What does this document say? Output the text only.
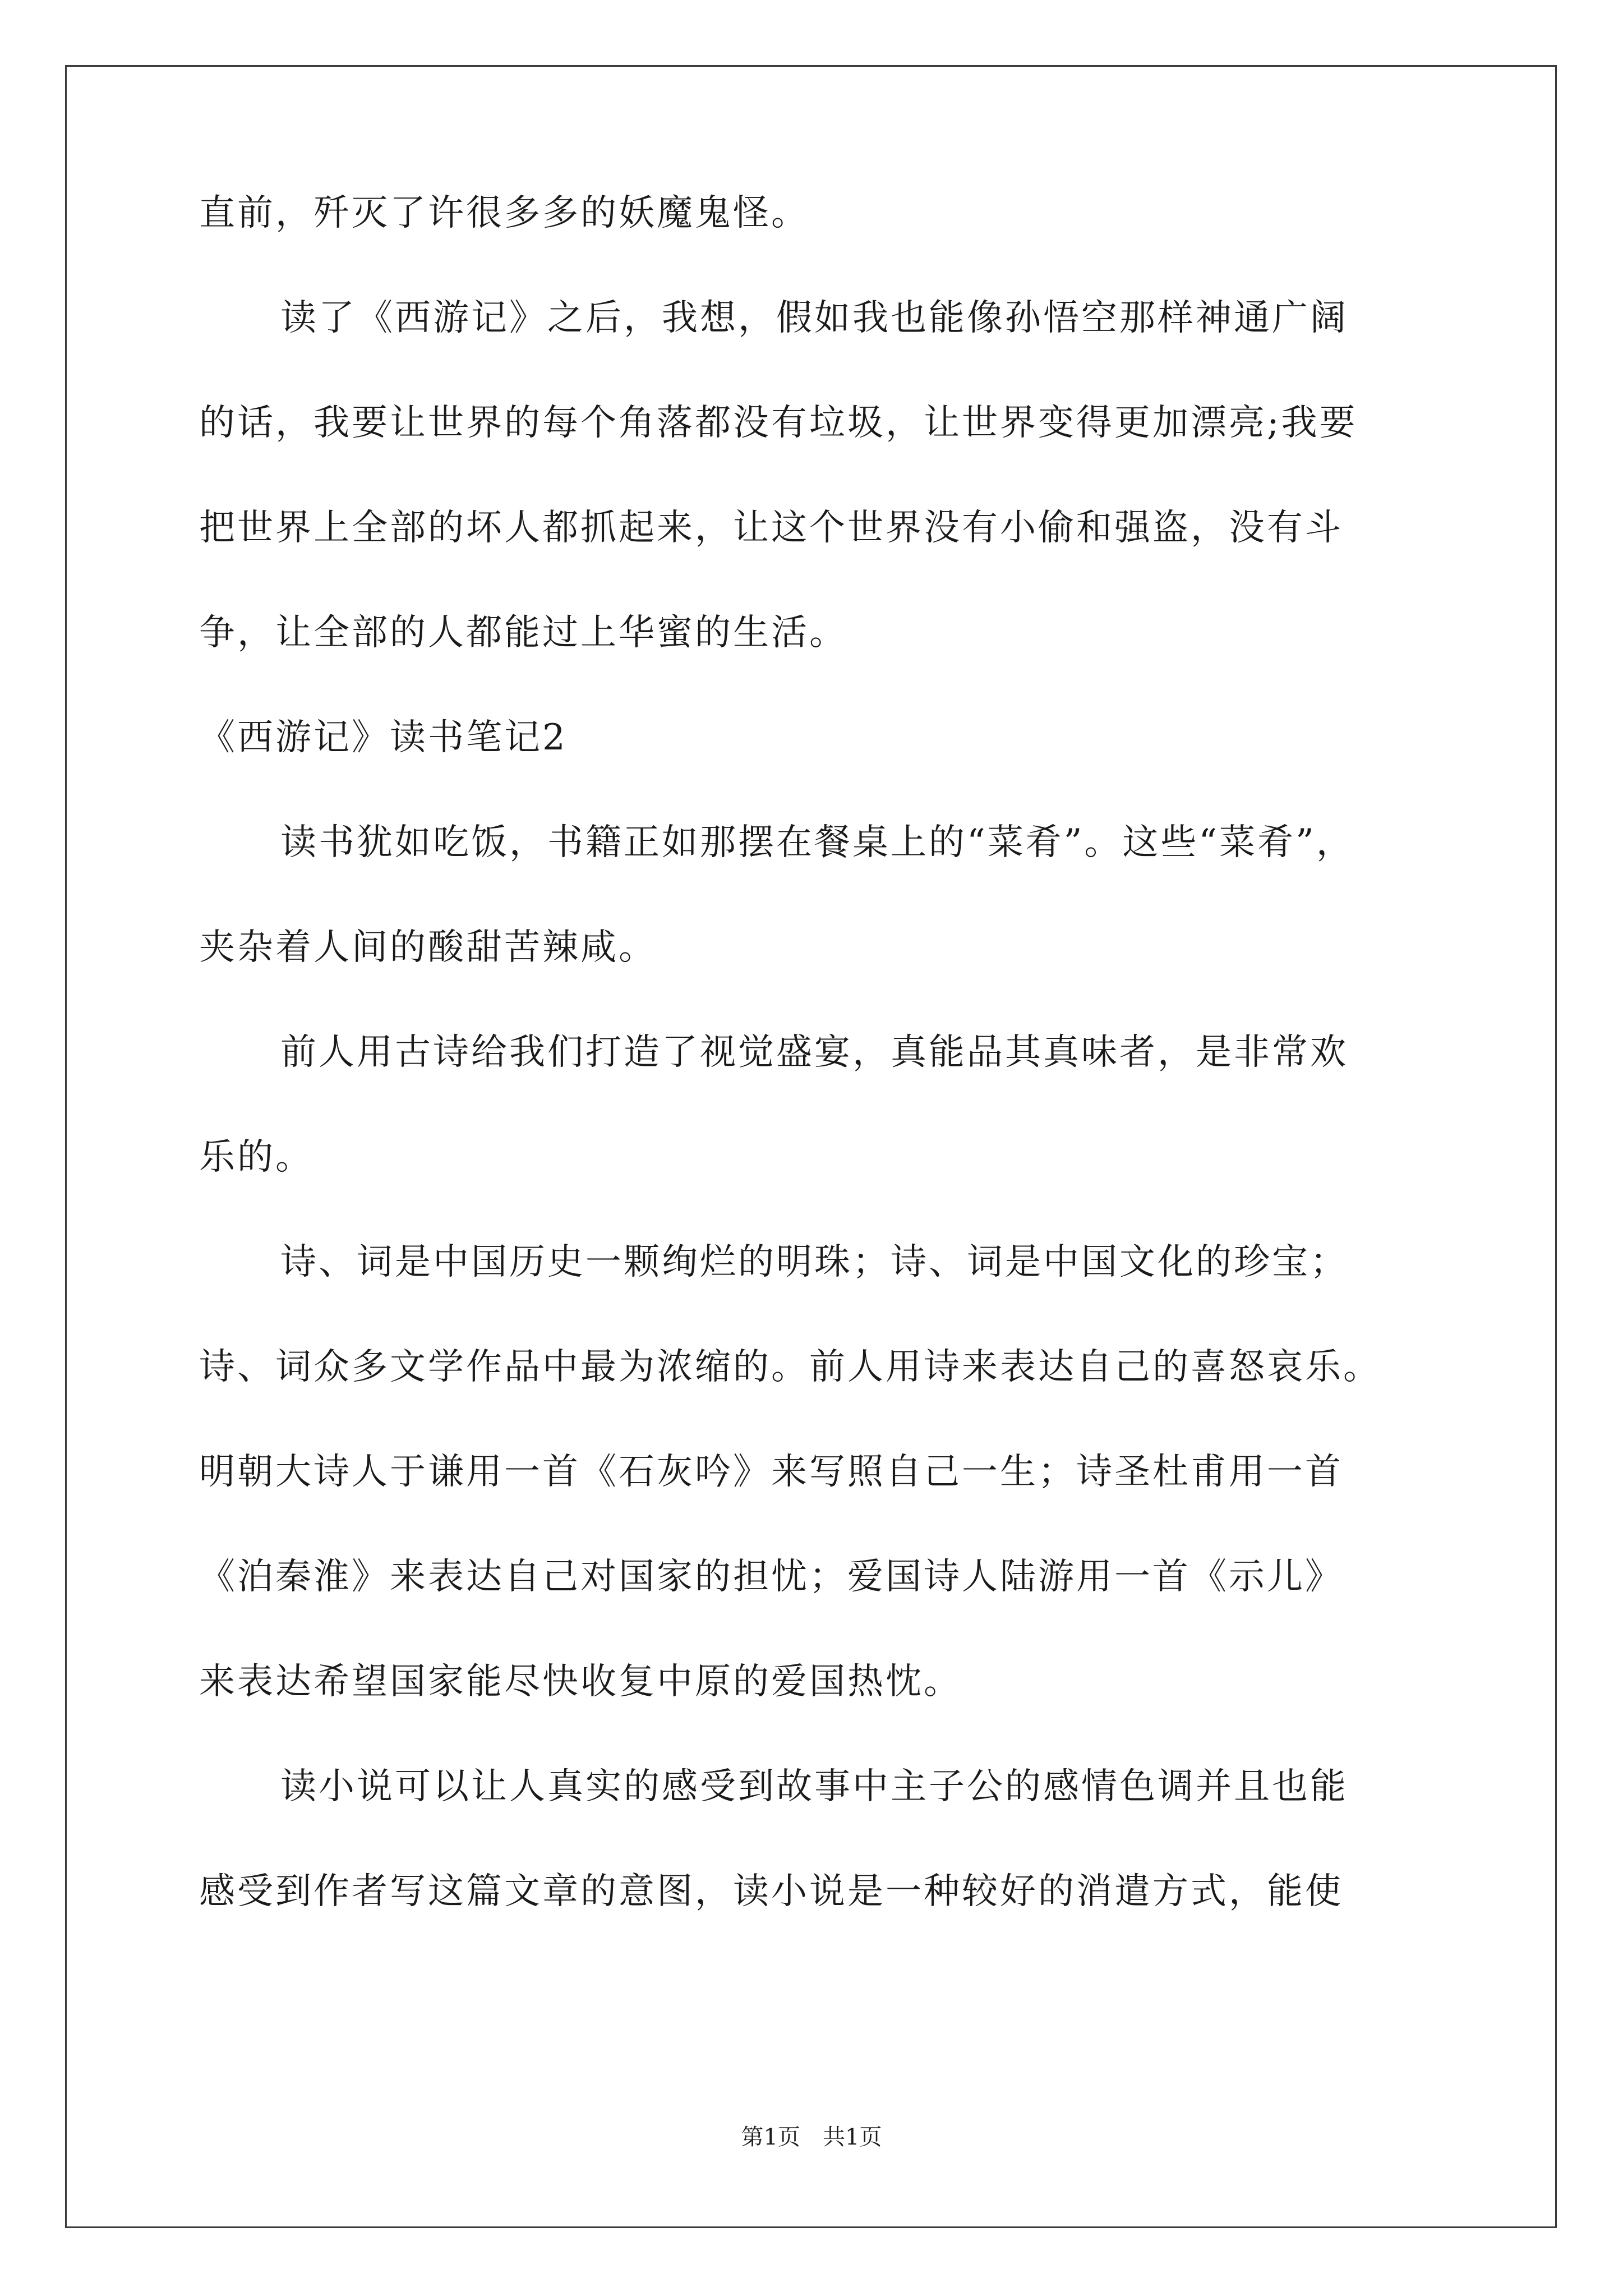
直前，歼灭了许很多多的妖魔鬼怪。
读了《西游记》之后，我想，假如我也能像孙悟空那样神通广阔
的话，我要让世界的每个角落都没有垃圾，让世界变得更加漂亮;我要
把世界上全部的坏人都抓起来，让这个世界没有小偷和强盗，没有斗
争，让全部的人都能过上华蜜的生活。
《西游记》读书笔记2
读书犹如吃饭，书籍正如那摆在餐桌上的“菜肴”。这些“菜肴”，
夹杂着人间的酸甜苦辣咸。
前人用古诗给我们打造了视觉盛宴，真能品其真味者，是非常欢
乐的。
诗、词是中国历史一颗绚烂的明珠；诗、词是中国文化的珍宝；
诗、词众多文学作品中最为浓缩的。前人用诗来表达自己的喜怒哀乐。
明朝大诗人于谦用一首《石灰吟》来写照自己一生；诗圣杜甫用一首
《泊秦淮》来表达自己对国家的担忧；爱国诗人陆游用一首《示儿》
来表达希望国家能尽快收复中原的爱国热忱。
读小说可以让人真实的感受到故事中主子公的感情色调并且也能
感受到作者写这篇文章的意图，读小说是一种较好的消遣方式，能使
第1页 共1页
